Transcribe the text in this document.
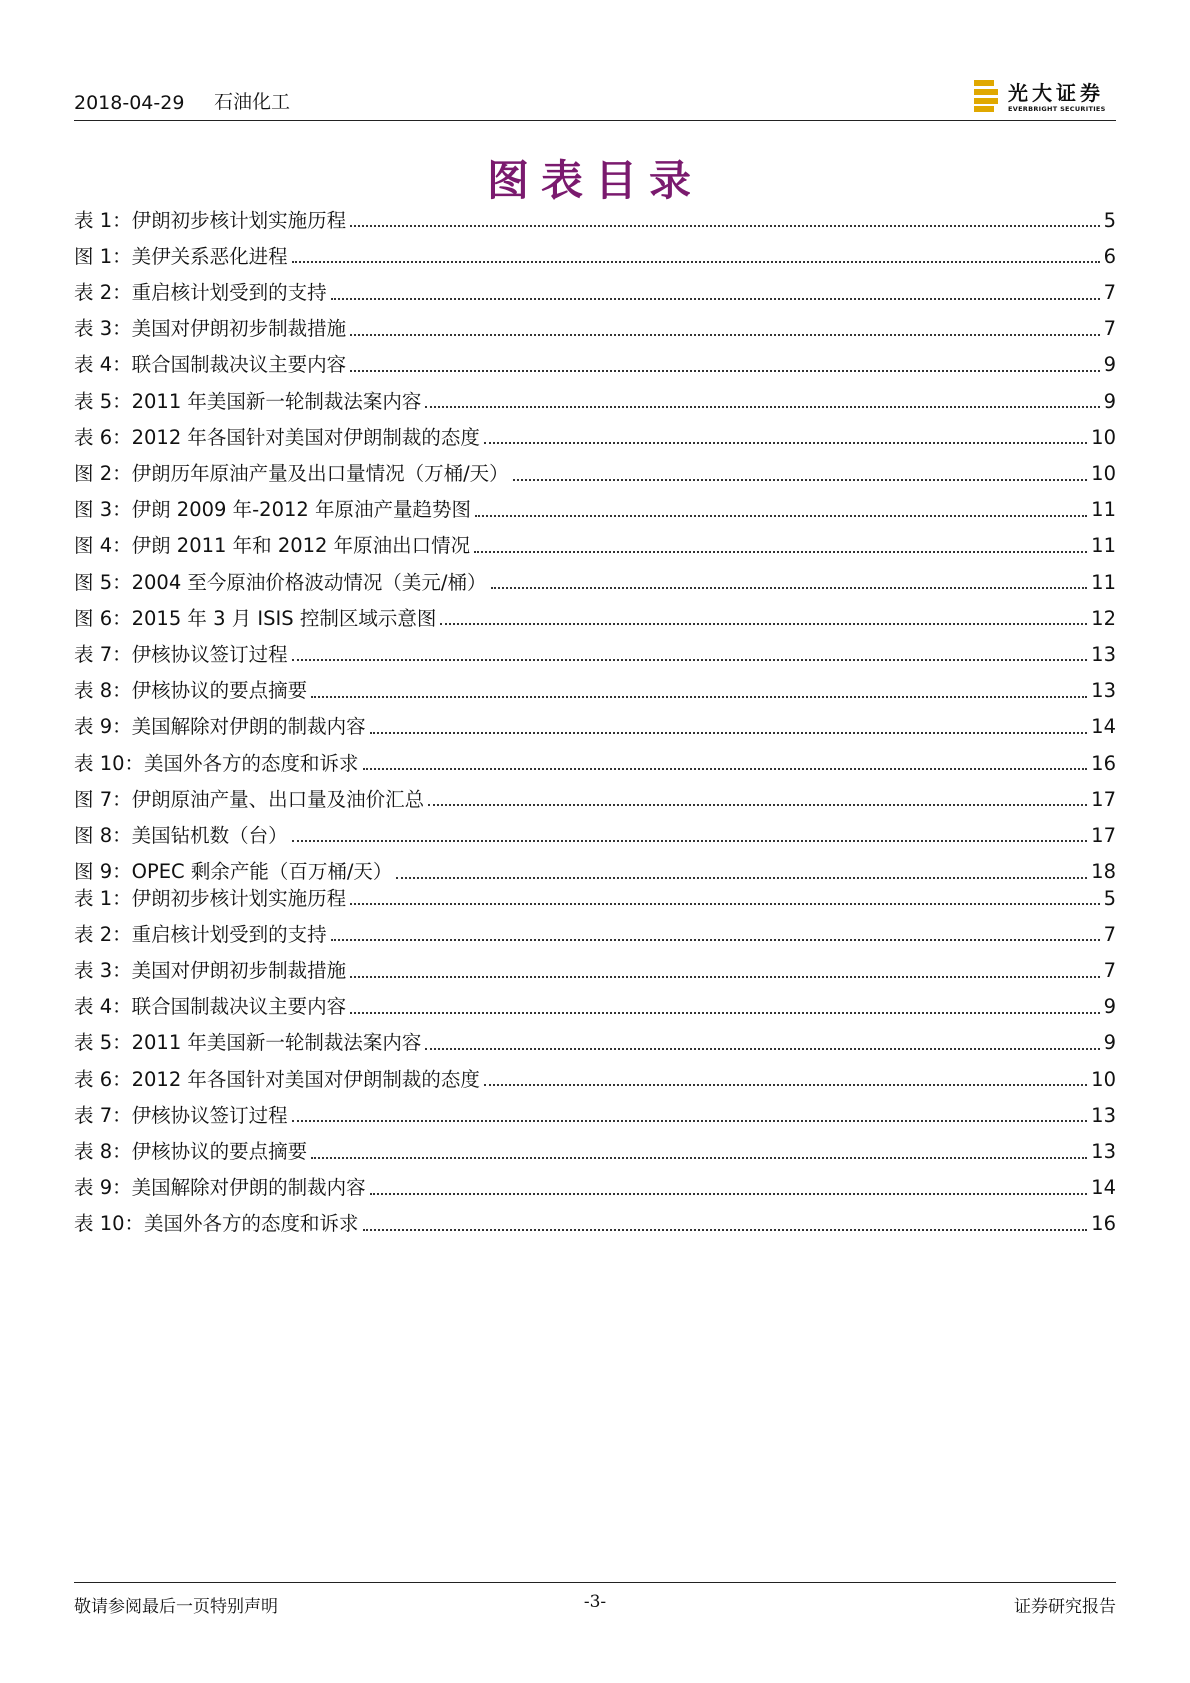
2018-04-29 石油化工	光大证券
EVERBRIGHT SECURITIES
图表目录
表 1：伊朗初步核计划实施历程	5
图 1：美伊关系恶化进程	6
表 2：重启核计划受到的支持	7
表 3：美国对伊朗初步制裁措施	7
表 4：联合国制裁决议主要内容	9
表 5：2011 年美国新一轮制裁法案内容	9
表 6：2012 年各国针对美国对伊朗制裁的态度	10
图 2：伊朗历年原油产量及出口量情况（万桶/天）	10
图 3：伊朗 2009 年-2012 年原油产量趋势图	11
图 4：伊朗 2011 年和 2012 年原油出口情况	11
图 5：2004 至今原油价格波动情况（美元/桶）	11
图 6：2015 年 3 月 ISIS 控制区域示意图	12
表 7：伊核协议签订过程	13
表 8：伊核协议的要点摘要	13
表 9：美国解除对伊朗的制裁内容	14
表 10：美国外各方的态度和诉求	16
图 7：伊朗原油产量、出口量及油价汇总	17
图 8：美国钻机数（台）	17
图 9：OPEC 剩余产能（百万桶/天）	18
表 1：伊朗初步核计划实施历程	5
表 2：重启核计划受到的支持	7
表 3：美国对伊朗初步制裁措施	7
表 4：联合国制裁决议主要内容	9
表 5：2011 年美国新一轮制裁法案内容	9
表 6：2012 年各国针对美国对伊朗制裁的态度	10
表 7：伊核协议签订过程	13
表 8：伊核协议的要点摘要	13
表 9：美国解除对伊朗的制裁内容	14
表 10：美国外各方的态度和诉求	16
敬请参阅最后一页特别声明	-3-	证券研究报告
